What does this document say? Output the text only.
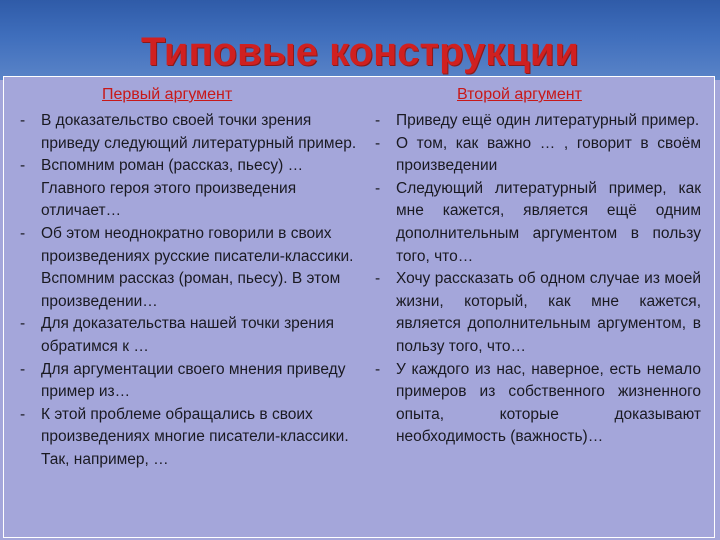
Типовые конструкции
Первый аргумент	Второй аргумент
-	В доказательство своей точки зрения приведу следующий литературный пример.
-	Вспомним роман (рассказ, пьесу) … Главного героя этого произведения отличает…
-	Об этом неоднократно говорили в своих произведениях русские писатели-классики. Вспомним рассказ (роман, пьесу). В этом произведении…
-	Для доказательства нашей точки зрения обратимся к …
-	Для аргументации своего мнения приведу пример из…
-	К этой проблеме обращались в своих произведениях многие писатели-классики. Так, например, …
-	Приведу ещё один литературный пример.
-	О том, как важно … , говорит в своём произведении
-	Следующий литературный пример, как мне кажется, является ещё одним дополнительным аргументом в пользу того, что…
-	Хочу рассказать об одном случае из моей жизни, который, как мне кажется, является дополнительным аргументом, в пользу того, что…
-	У каждого из нас, наверное, есть немало примеров из собственного жизненного опыта, которые доказывают необходимость (важность)…
